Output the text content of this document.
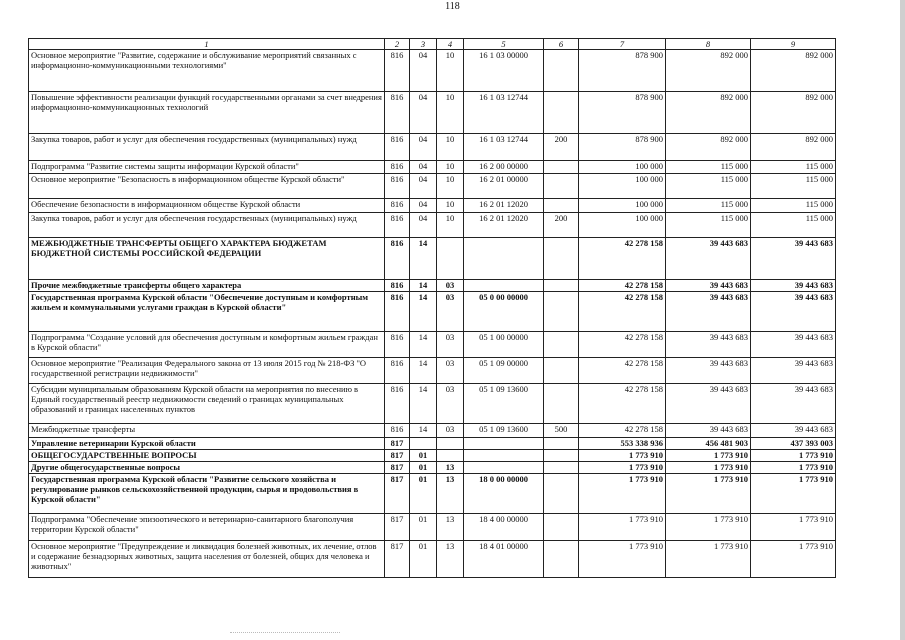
118
1	2	3	4	5	6	7	8	9
Основное мероприятие "Развитие, содержание и обслуживание мероприятий связанных с информационно-коммуникационными технологиями"	816	04	10	16 1 03 00000		878 900	892 000	892 000
Повышение эффективности реализации функций государственными органами за счет внедрения информационно-коммуникационных технологий	816	04	10	16 1 03 12744		878 900	892 000	892 000
Закупка товаров, работ и услуг для обеспечения государственных (муниципальных) нужд	816	04	10	16 1 03 12744	200	878 900	892 000	892 000
Подпрограмма "Развитие системы защиты информации Курской области"	816	04	10	16 2 00 00000		100 000	115 000	115 000
Основное мероприятие "Безопасность в информационном обществе Курской области"	816	04	10	16 2 01 00000		100 000	115 000	115 000
Обеспечение безопасности в информационном обществе Курской области	816	04	10	16 2 01 12020		100 000	115 000	115 000
Закупка товаров, работ и услуг для обеспечения государственных (муниципальных) нужд	816	04	10	16 2 01 12020	200	100 000	115 000	115 000
МЕЖБЮДЖЕТНЫЕ ТРАНСФЕРТЫ ОБЩЕГО ХАРАКТЕРА БЮДЖЕТАМ БЮДЖЕТНОЙ СИСТЕМЫ РОССИЙСКОЙ ФЕДЕРАЦИИ	816	14				42 278 158	39 443 683	39 443 683
Прочие межбюджетные трансферты общего характера	816	14	03			42 278 158	39 443 683	39 443 683
Государственная программа Курской области "Обеспечение доступным и комфортным жильем и коммунальными услугами граждан в Курской области"	816	14	03	05 0 00 00000		42 278 158	39 443 683	39 443 683
Подпрограмма "Создание условий для обеспечения доступным и комфортным жильем граждан в Курской области"	816	14	03	05 1 00 00000		42 278 158	39 443 683	39 443 683
Основное мероприятие "Реализация Федерального закона от 13 июля 2015 год № 218-ФЗ "О государственной регистрации недвижимости"	816	14	03	05 1 09 00000		42 278 158	39 443 683	39 443 683
Субсидии муниципальным образованиям Курской области на мероприятия по внесению в Единый государственный реестр недвижимости сведений о границах муниципальных образований и границах населенных пунктов	816	14	03	05 1 09 13600		42 278 158	39 443 683	39 443 683
Межбюджетные трансферты	816	14	03	05 1 09 13600	500	42 278 158	39 443 683	39 443 683
Управление ветеринарии Курской области	817					553 338 936	456 481 903	437 393 003
ОБЩЕГОСУДАРСТВЕННЫЕ ВОПРОСЫ	817	01				1 773 910	1 773 910	1 773 910
Другие общегосударственные вопросы	817	01	13			1 773 910	1 773 910	1 773 910
Государственная программа Курской области "Развитие сельского хозяйства и регулирование рынков сельскохозяйственной продукции, сырья и продовольствия в Курской области"	817	01	13	18 0 00 00000		1 773 910	1 773 910	1 773 910
Подпрограмма "Обеспечение эпизоотического и ветеринарно-санитарного благополучия территории Курской области"	817	01	13	18 4 00 00000		1 773 910	1 773 910	1 773 910
Основное мероприятие "Предупреждение и ликвидация болезней животных, их лечение, отлов и содержание безнадзорных животных, защита населения от болезней, общих для человека и животных"	817	01	13	18 4 01 00000		1 773 910	1 773 910	1 773 910
